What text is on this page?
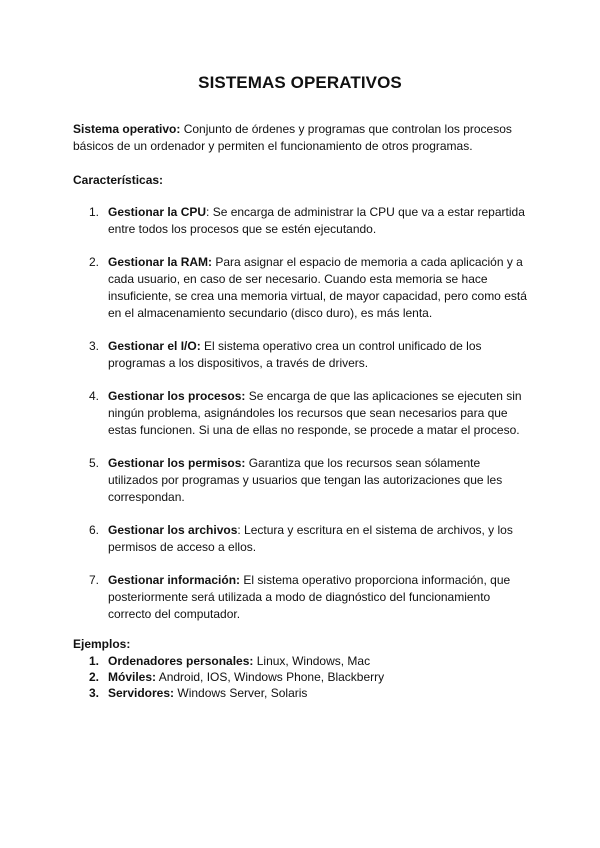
SISTEMAS OPERATIVOS

Sistema operativo: Conjunto de órdenes y programas que controlan los procesos básicos de un ordenador y permiten el funcionamiento de otros programas.

Características:

1. Gestionar la CPU: Se encarga de administrar la CPU que va a estar repartida entre todos los procesos que se estén ejecutando.
2. Gestionar la RAM: Para asignar el espacio de memoria a cada aplicación y a cada usuario, en caso de ser necesario. Cuando esta memoria se hace insuficiente, se crea una memoria virtual, de mayor capacidad, pero como está en el almacenamiento secundario (disco duro), es más lenta.
3. Gestionar el I/O: El sistema operativo crea un control unificado de los programas a los dispositivos, a través de drivers.
4. Gestionar los procesos: Se encarga de que las aplicaciones se ejecuten sin ningún problema, asignándoles los recursos que sean necesarios para que estas funcionen. Si una de ellas no responde, se procede a matar el proceso.
5. Gestionar los permisos: Garantiza que los recursos sean sólamente utilizados por programas y usuarios que tengan las autorizaciones que les correspondan.
6. Gestionar los archivos: Lectura y escritura en el sistema de archivos, y los permisos de acceso a ellos.
7. Gestionar información: El sistema operativo proporciona información, que posteriormente será utilizada a modo de diagnóstico del funcionamiento correcto del computador.

Ejemplos:

1. Ordenadores personales: Linux, Windows, Mac
2. Móviles: Android, IOS, Windows Phone, Blackberry
3. Servidores: Windows Server, Solaris
